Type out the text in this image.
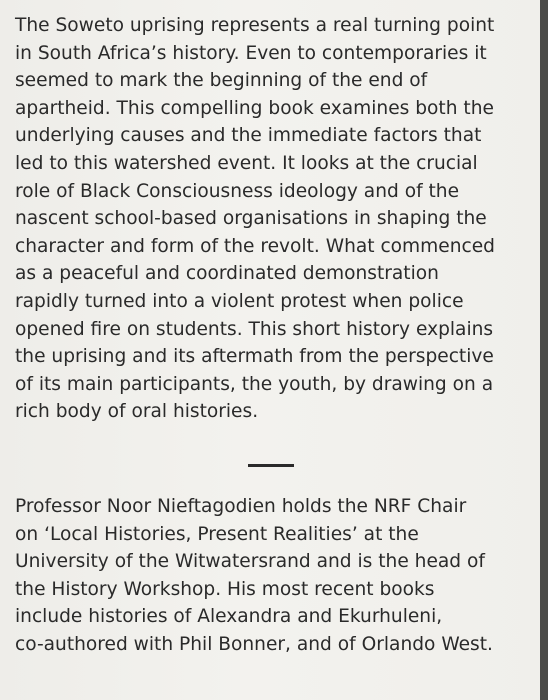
The Soweto uprising represents a real turning point
in South Africa’s history. Even to contemporaries it
seemed to mark the beginning of the end of
apartheid. This compelling book examines both the
underlying causes and the immediate factors that
led to this watershed event. It looks at the crucial
role of Black Consciousness ideology and of the
nascent school-based organisations in shaping the
character and form of the revolt. What commenced
as a peaceful and coordinated demonstration
rapidly turned into a violent protest when police
opened fire on students. This short history explains
the uprising and its aftermath from the perspective
of its main participants, the youth, by drawing on a
rich body of oral histories.
Professor Noor Nieftagodien holds the NRF Chair
on ‘Local Histories, Present Realities’ at the
University of the Witwatersrand and is the head of
the History Workshop. His most recent books
include histories of Alexandra and Ekurhuleni,
co-authored with Phil Bonner, and of Orlando West.
